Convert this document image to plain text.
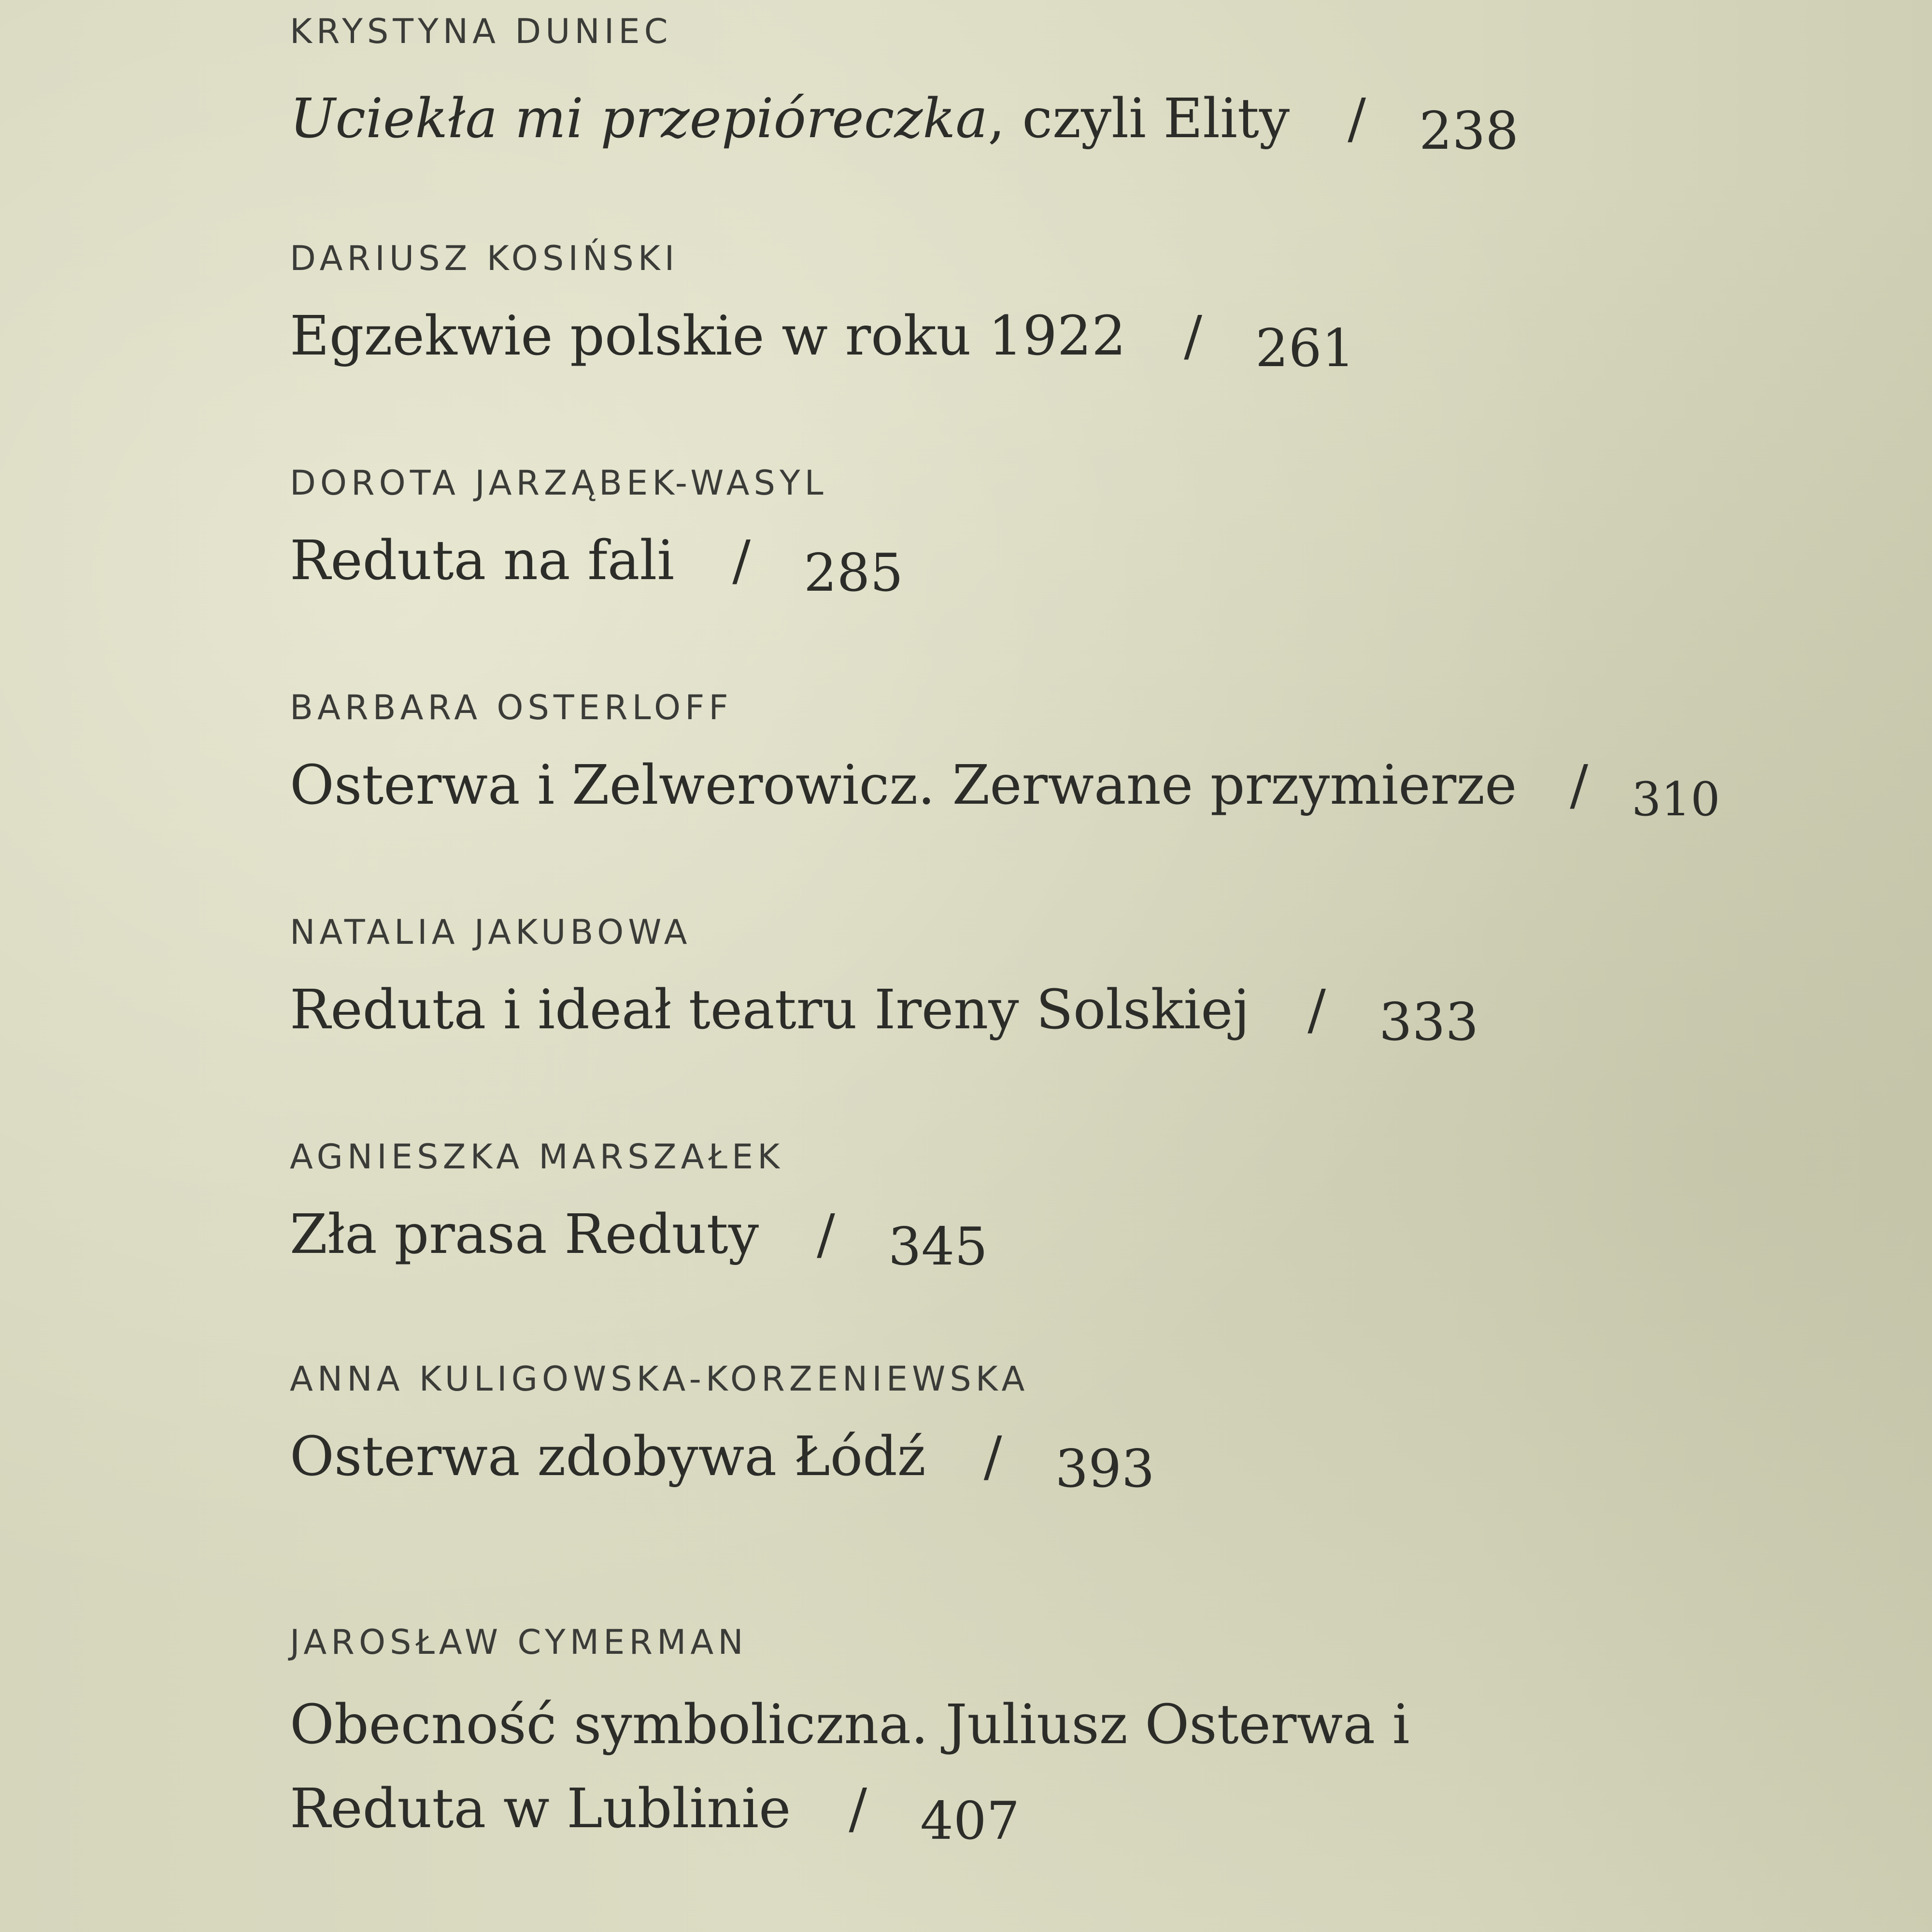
KRYSTYNA DUNIEC
Uciekła mi przepióreczka, czyli Elity / 238
DARIUSZ KOSIŃSKI
Egzekwie polskie w roku 1922 / 261
DOROTA JARZĄBEK-WASYL
Reduta na fali / 285
BARBARA OSTERLOFF
Osterwa i Zelwerowicz. Zerwane przymierze / 310
NATALIA JAKUBOWA
Reduta i ideał teatru Ireny Solskiej / 333
AGNIESZKA MARSZAŁEK
Zła prasa Reduty / 345
ANNA KULIGOWSKA-KORZENIEWSKA
Osterwa zdobywa Łódź / 393
JAROSŁAW CYMERMAN
Obecność symboliczna. Juliusz Osterwa i Reduta w Lublinie / 407
